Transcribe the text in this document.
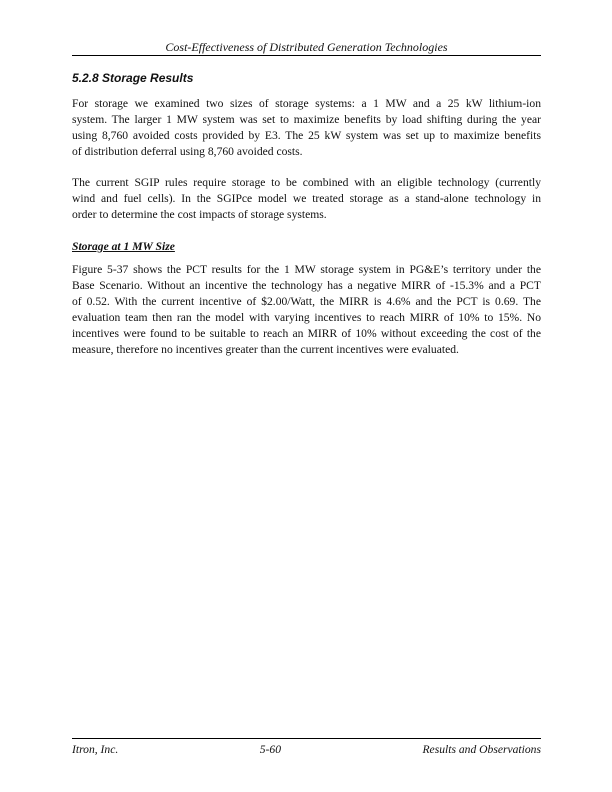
Cost-Effectiveness of Distributed Generation Technologies
5.2.8 Storage Results
For storage we examined two sizes of storage systems: a 1 MW and a 25 kW lithium-ion
system. The larger 1 MW system was set to maximize benefits by load shifting during the year
using 8,760 avoided costs provided by E3. The 25 kW system was set up to maximize benefits
of distribution deferral using 8,760 avoided costs.
The current SGIP rules require storage to be combined with an eligible technology (currently
wind and fuel cells). In the SGIPce model we treated storage as a stand-alone technology in
order to determine the cost impacts of storage systems.
Storage at 1 MW Size
Figure 5-37 shows the PCT results for the 1 MW storage system in PG&E’s territory under the
Base Scenario. Without an incentive the technology has a negative MIRR of -15.3% and a PCT
of 0.52. With the current incentive of $2.00/Watt, the MIRR is 4.6% and the PCT is 0.69. The
evaluation team then ran the model with varying incentives to reach MIRR of 10% to 15%. No
incentives were found to be suitable to reach an MIRR of 10% without exceeding the cost of the
measure, therefore no incentives greater than the current incentives were evaluated.
Itron, Inc.	5-60	Results and Observations
